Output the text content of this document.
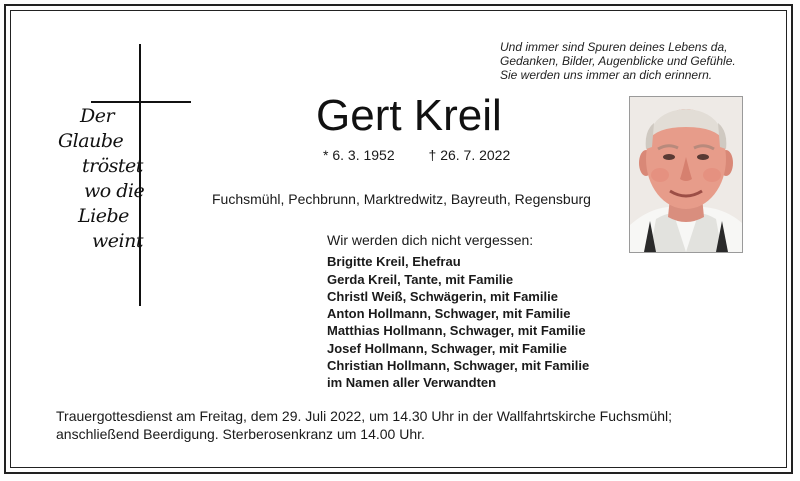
Und immer sind Spuren deines Lebens da,
Gedanken, Bilder, Augenblicke und Gefühle.
Sie werden uns immer an dich erinnern.
Der
Glaube
tröstet
wo die
Liebe
weint
Gert Kreil
* 6. 3. 1952 † 26. 7. 2022
Fuchsmühl, Pechbrunn, Marktredwitz, Bayreuth, Regensburg
Wir werden dich nicht vergessen:
Brigitte Kreil, Ehefrau
Gerda Kreil, Tante, mit Familie
Christl Weiß, Schwägerin, mit Familie
Anton Hollmann, Schwager, mit Familie
Matthias Hollmann, Schwager, mit Familie
Josef Hollmann, Schwager, mit Familie
Christian Hollmann, Schwager, mit Familie
im Namen aller Verwandten
Trauergottesdienst am Freitag, dem 29. Juli 2022, um 14.30 Uhr in der Wallfahrtskirche Fuchsmühl;
anschließend Beerdigung. Sterberosenkranz um 14.00 Uhr.
